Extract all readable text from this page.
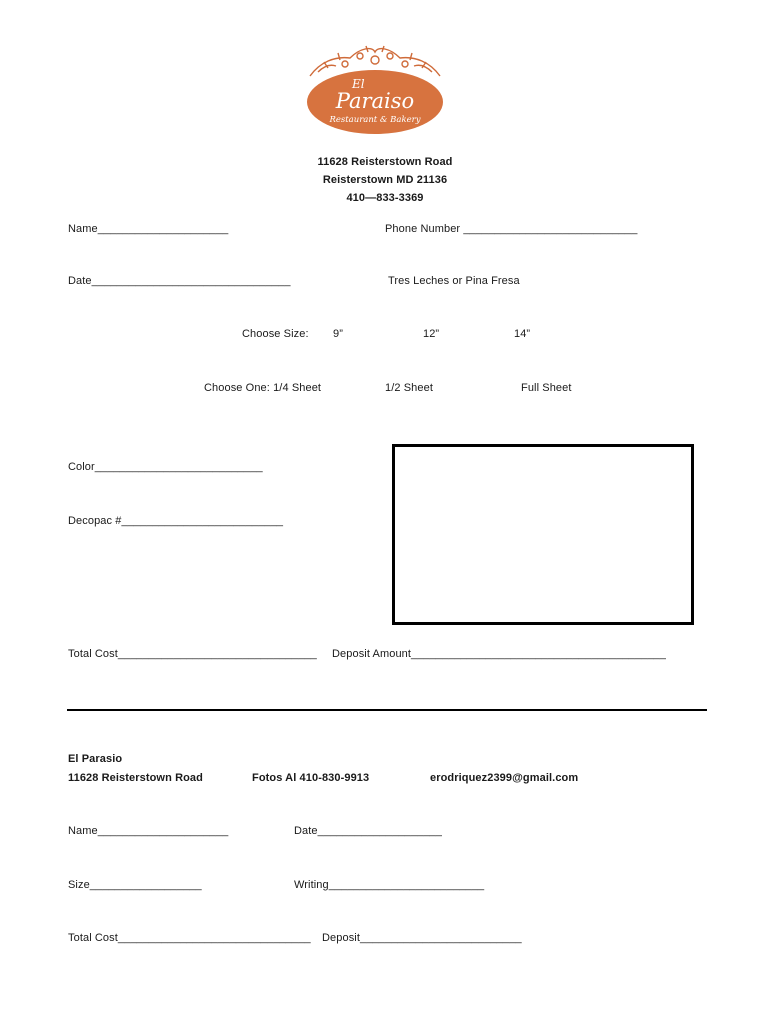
El
Paraiso
Restaurant & Bakery
11628 Reisterstown Road
Reisterstown MD 21136
410—833-3369
Name_____________________	Phone Number ____________________________
Date________________________________	Tres Leches or Pina Fresa
Choose Size: 9”	12”	14”
Choose One: 1/4 Sheet	1/2 Sheet	Full Sheet
Color___________________________
Decopac #__________________________
Total Cost________________________________ Deposit Amount_________________________________________
El Parasio
11628 Reisterstown Road	Fotos Al 410-830-9913	erodriquez2399@gmail.com
Name_____________________	Date____________________
Size__________________	Writing_________________________
Total Cost_______________________________ Deposit__________________________
